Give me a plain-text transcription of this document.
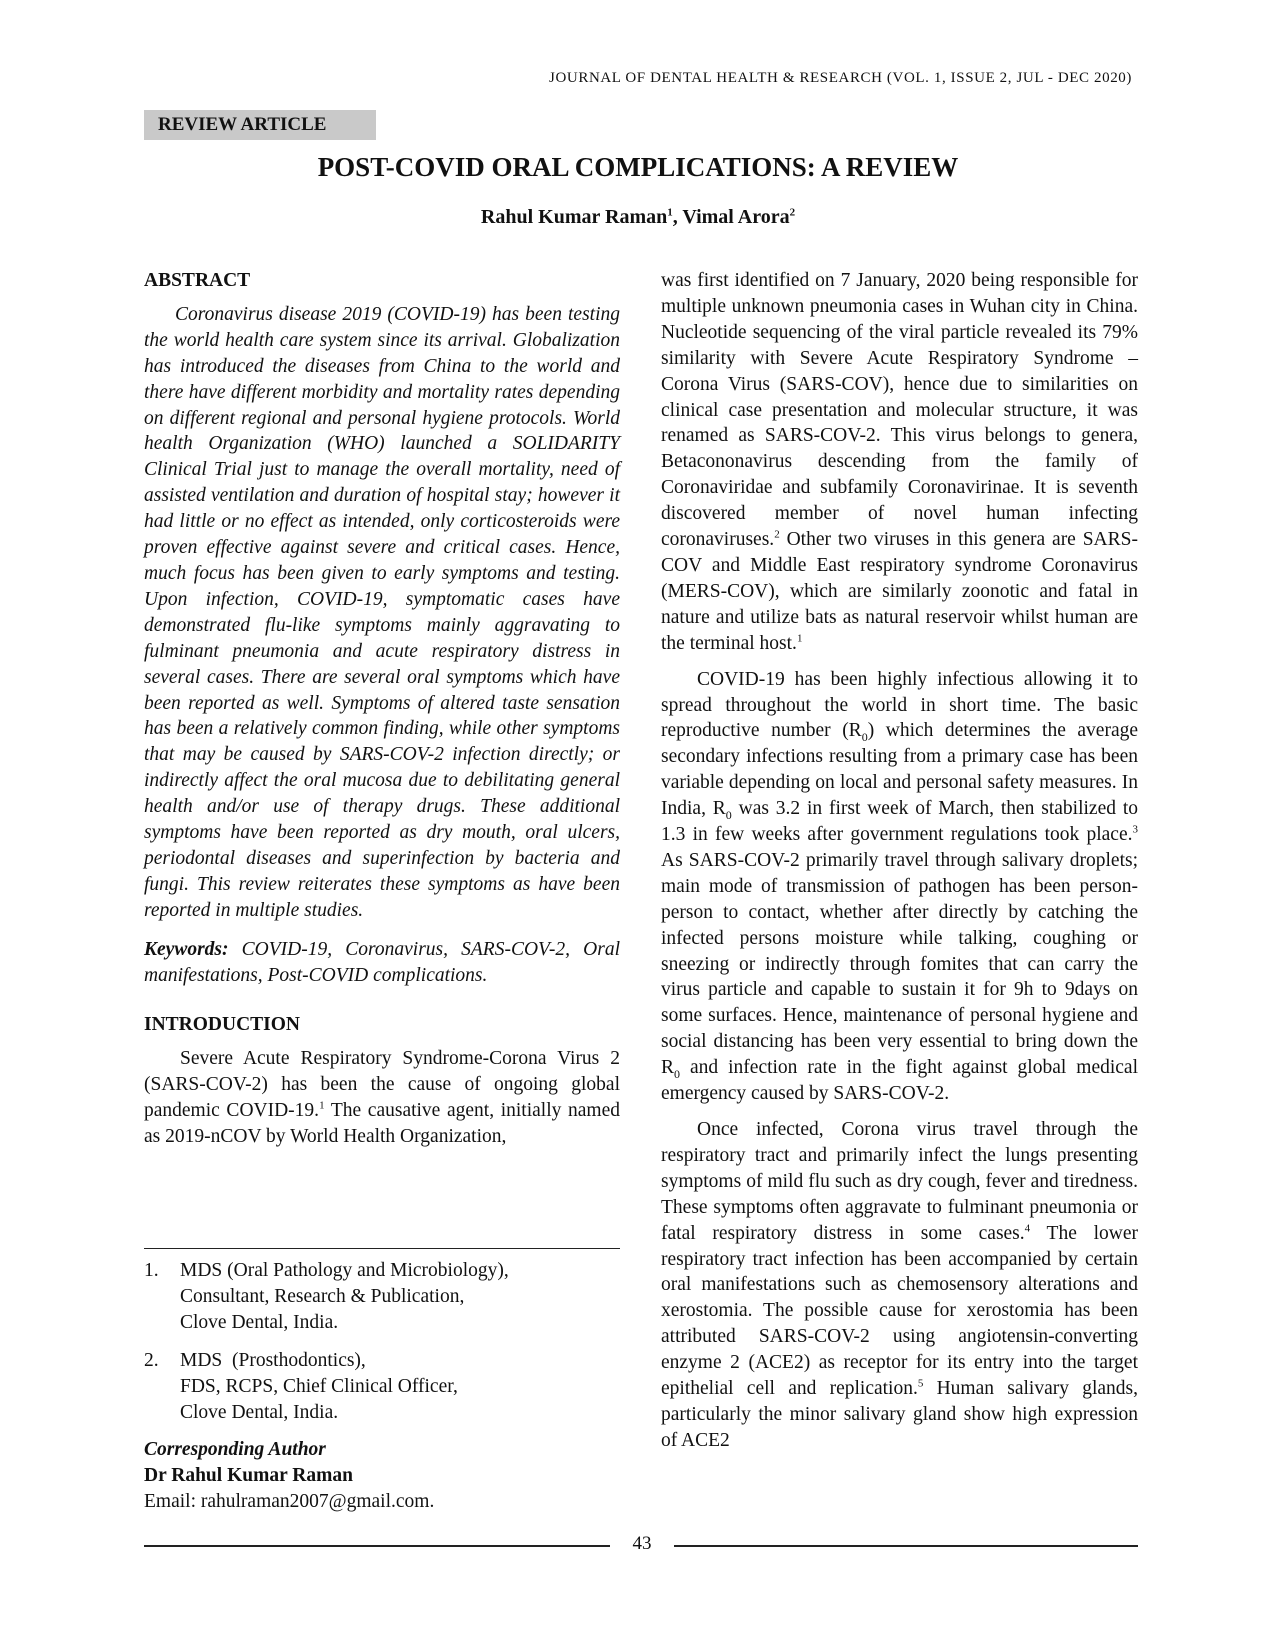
JOURNAL OF DENTAL HEALTH & RESEARCH (VOL. 1, ISSUE 2, JUL - DEC 2020)
REVIEW ARTICLE
POST-COVID ORAL COMPLICATIONS: A REVIEW
Rahul Kumar Raman$^1$, Vimal Arora$^2$
ABSTRACT

Coronavirus disease 2019 (COVID-19) has been testing the world health care system since its arrival. Globalization has introduced the diseases from China to the world and there have different morbidity and mortality rates depending on different regional and personal hygiene protocols. World health Organization (WHO) launched a SOLIDARITY Clinical Trial just to manage the overall mortality, need of assisted ventilation and duration of hospital stay; however it had little or no effect as intended, only corticosteroids were proven effective against severe and critical cases. Hence, much focus has been given to early symptoms and testing. Upon infection, COVID-19, symptomatic cases have demonstrated flu-like symptoms mainly aggravating to fulminant pneumonia and acute respiratory distress in several cases. There are several oral symptoms which have been reported as well. Symptoms of altered taste sensation has been a relatively common finding, while other symptoms that may be caused by SARS-COV-2 infection directly; or indirectly affect the oral mucosa due to debilitating general health and/or use of therapy drugs. These additional symptoms have been reported as dry mouth, oral ulcers, periodontal diseases and superinfection by bacteria and fungi. This review reiterates these symptoms as have been reported in multiple studies.

Keywords: COVID-19, Coronavirus, SARS-COV-2, Oral manifestations, Post-COVID complications.

INTRODUCTION

Severe Acute Respiratory Syndrome-Corona Virus 2 (SARS-COV-2) has been the cause of ongoing global pandemic COVID-19.$^1$ The causative agent, initially named as 2019-nCOV by World Health Organization,

1.	MDS (Oral Pathology and Microbiology),
Consultant, Research & Publication,
Clove Dental, India.
2.	MDS  (Prosthodontics),
FDS, RCPS, Chief Clinical Officer,
Clove Dental, India.
Corresponding Author
Dr Rahul Kumar Raman
Email: rahulraman2007@gmail.com.

was first identified on 7 January, 2020 being responsible for multiple unknown pneumonia cases in Wuhan city in China. Nucleotide sequencing of the viral particle revealed its 79% similarity with Severe Acute Respiratory Syndrome – Corona Virus (SARS-COV), hence due to similarities on clinical case presentation and molecular structure, it was renamed as SARS-COV-2. This virus belongs to genera, Betacononavirus descending from the family of Coronaviridae and subfamily Coronavirinae. It is seventh discovered member of novel human infecting coronaviruses.$^2$ Other two viruses in this genera are SARS-COV and Middle East respiratory syndrome Coronavirus (MERS-COV), which are similarly zoonotic and fatal in nature and utilize bats as natural reservoir whilst human are the terminal host.$^1$

COVID-19 has been highly infectious allowing it to spread throughout the world in short time. The basic reproductive number $(R_0)$ which determines the average secondary infections resulting from a primary case has been variable depending on local and personal safety measures. In India, $R_0$ was 3.2 in first week of March, then stabilized to 1.3 in few weeks after government regulations took place.$^3$ As SARS-COV-2 primarily travel through salivary droplets; main mode of transmission of pathogen has been person-person to contact, whether after directly by catching the infected persons moisture while talking, coughing or sneezing or indirectly through fomites that can carry the virus particle and capable to sustain it for 9h to 9days on some surfaces. Hence, maintenance of personal hygiene and social distancing has been very essential to bring down the $R_0$ and infection rate in the fight against global medical emergency caused by SARS-COV-2.

Once infected, Corona virus travel through the respiratory tract and primarily infect the lungs presenting symptoms of mild flu such as dry cough, fever and tiredness. These symptoms often aggravate to fulminant pneumonia or fatal respiratory distress in some cases.$^4$ The lower respiratory tract infection has been accompanied by certain oral manifestations such as chemosensory alterations and xerostomia. The possible cause for xerostomia has been attributed SARS-COV-2 using angiotensin-converting enzyme 2 (ACE2) as receptor for its entry into the target epithelial cell and replication.$^5$ Human salivary glands, particularly the minor salivary gland show high expression of ACE2

43
